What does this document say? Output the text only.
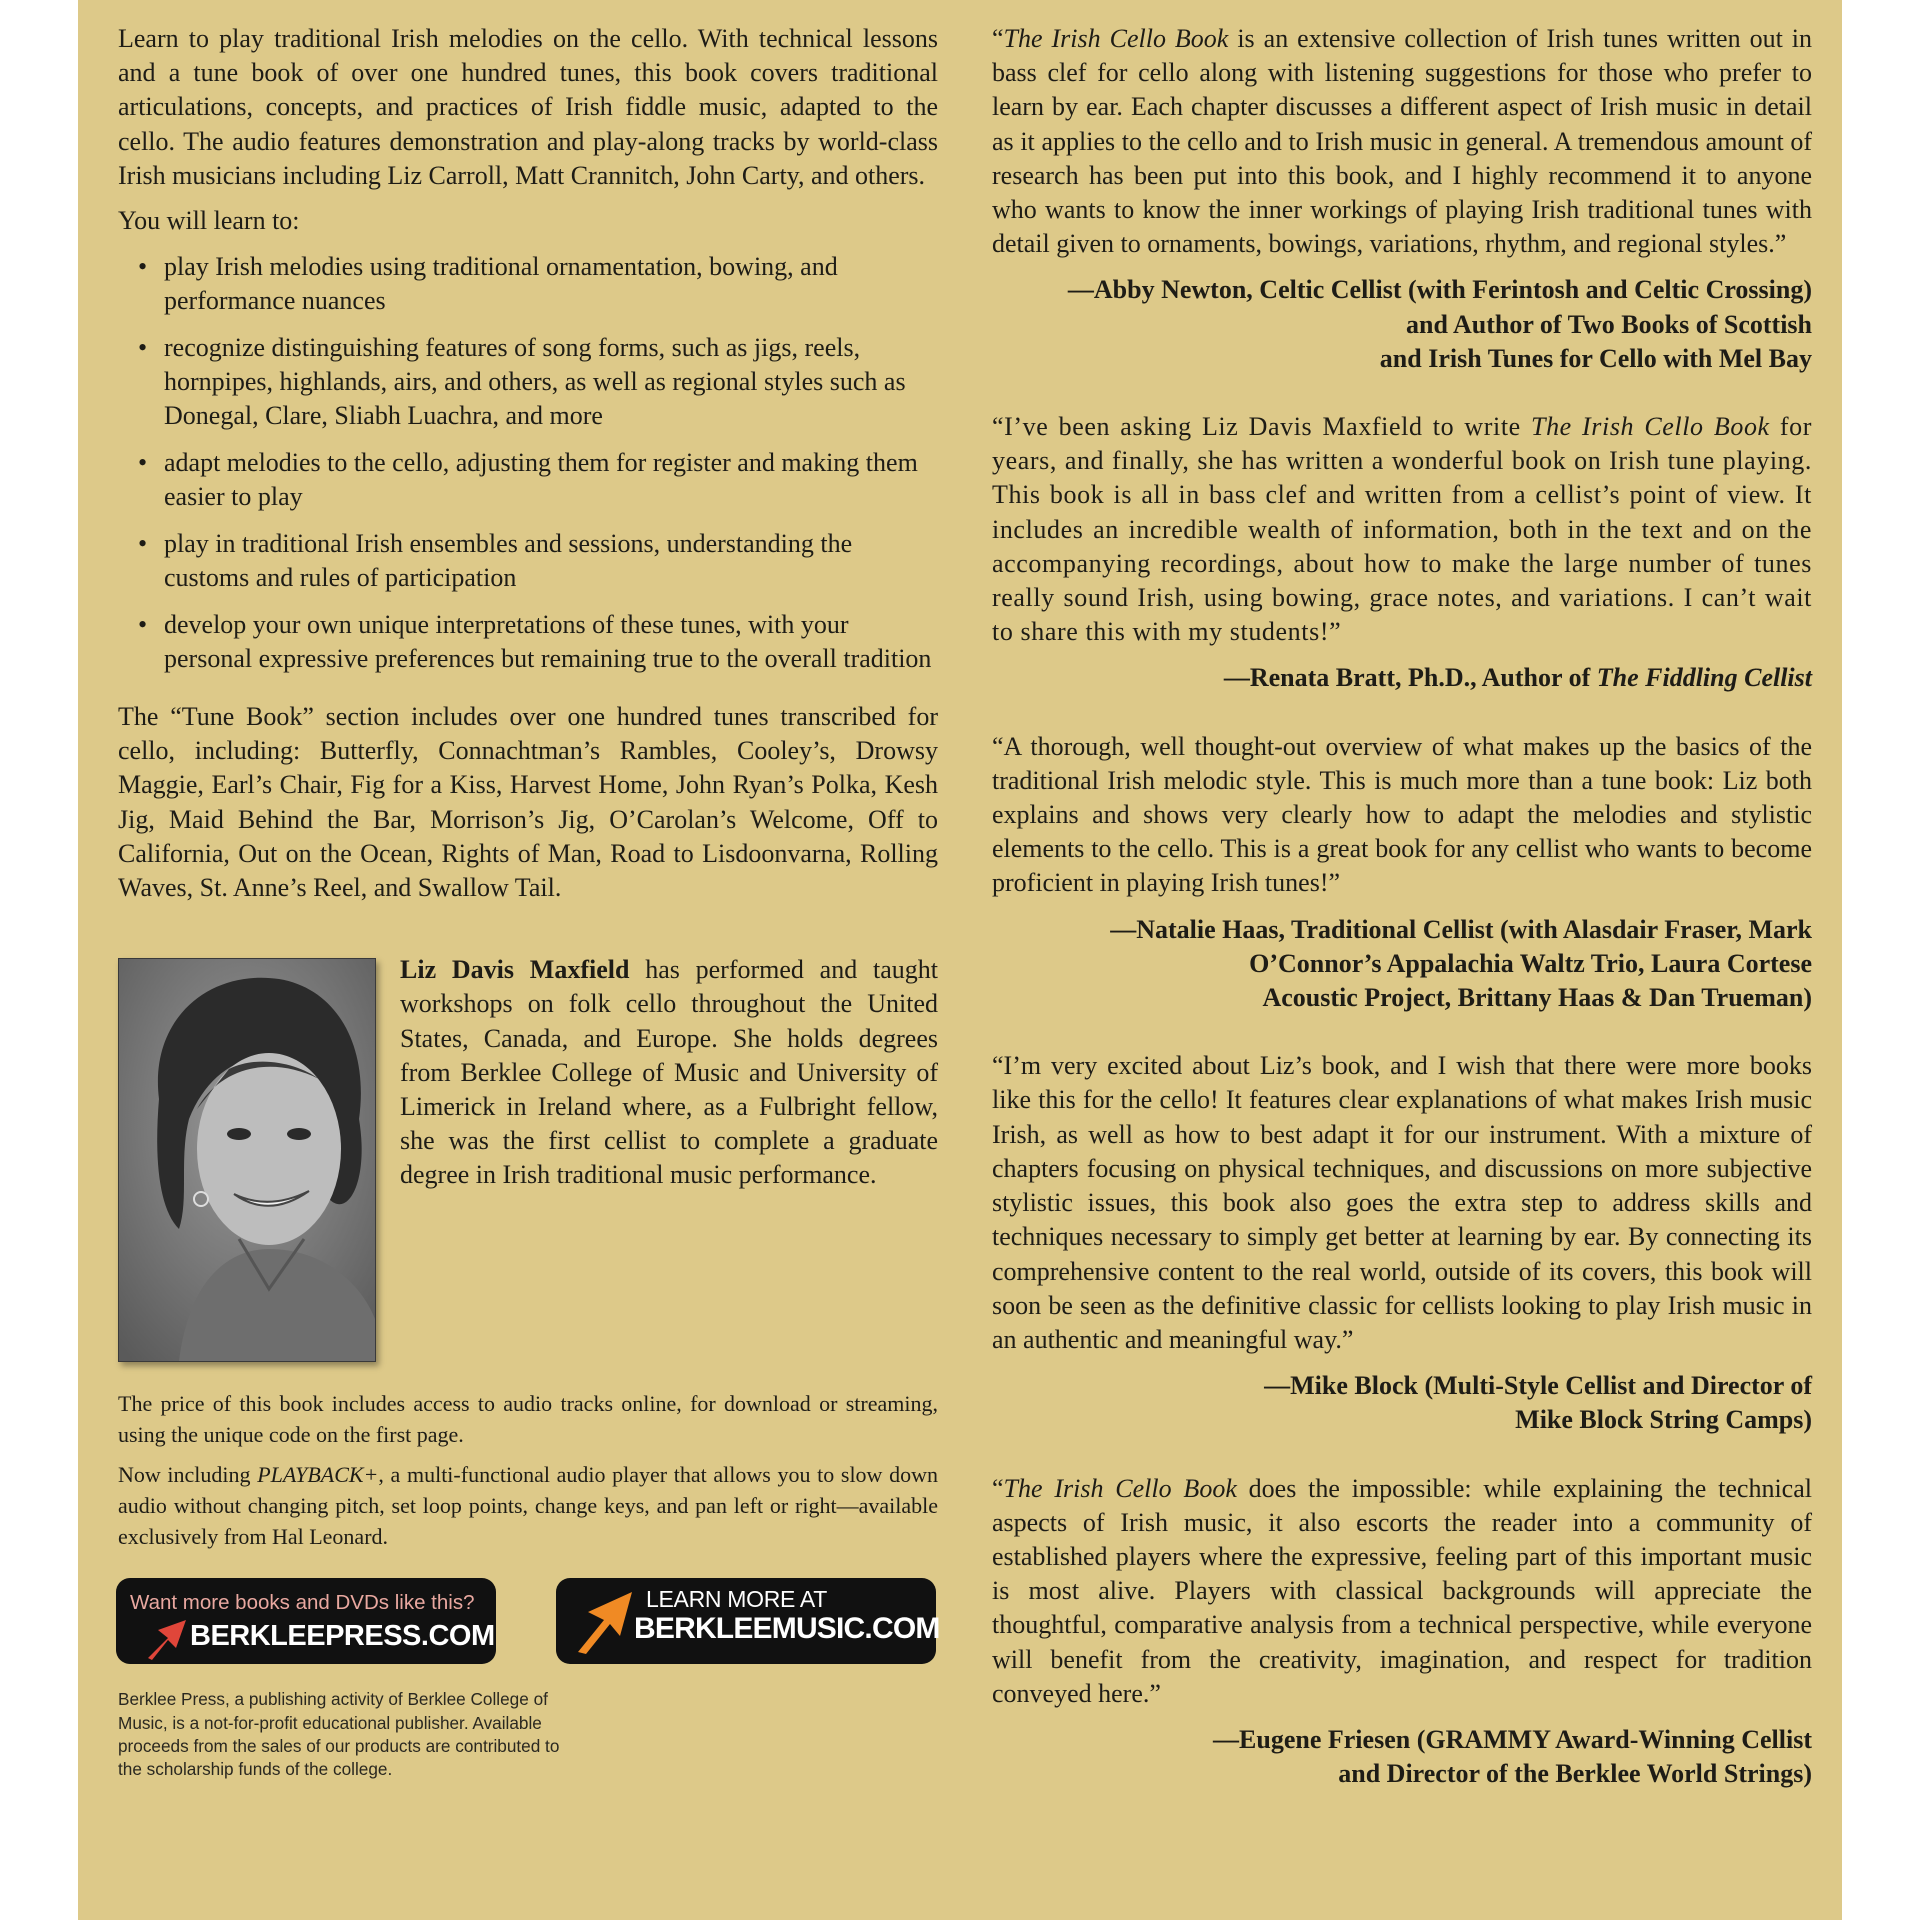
Learn to play traditional Irish melodies on the cello. With technical lessons and a tune book of over one hundred tunes, this book covers traditional articulations, concepts, and practices of Irish fiddle music, adapted to the cello. The audio features demonstration and play-along tracks by world-class Irish musicians including Liz Carroll, Matt Crannitch, John Carty, and others.

You will learn to:

• play Irish melodies using traditional ornamentation, bowing, and performance nuances
• recognize distinguishing features of song forms, such as jigs, reels, hornpipes, highlands, airs, and others, as well as regional styles such as Donegal, Clare, Sliabh Luachra, and more
• adapt melodies to the cello, adjusting them for register and making them easier to play
• play in traditional Irish ensembles and sessions, understanding the customs and rules of participation
• develop your own unique interpretations of these tunes, with your personal expressive preferences but remaining true to the overall tradition

The “Tune Book” section includes over one hundred tunes transcribed for cello, including: Butterfly, Connachtman’s Rambles, Cooley’s, Drowsy Maggie, Earl’s Chair, Fig for a Kiss, Harvest Home, John Ryan’s Polka, Kesh Jig, Maid Behind the Bar, Morrison’s Jig, O’Carolan’s Welcome, Off to California, Out on the Ocean, Rights of Man, Road to Lisdoonvarna, Rolling Waves, St. Anne’s Reel, and Swallow Tail.

Liz Davis Maxfield has performed and taught workshops on folk cello throughout the United States, Canada, and Europe. She holds degrees from Berklee College of Music and University of Limerick in Ireland where, as a Fulbright fellow, she was the first cellist to complete a graduate degree in Irish traditional music performance.

The price of this book includes access to audio tracks online, for download or streaming, using the unique code on the first page.

Now including PLAYBACK+, a multi-functional audio player that allows you to slow down audio without changing pitch, set loop points, change keys, and pan left or right—available exclusively from Hal Leonard.

Want more books and DVDs like this?
BERKLEEPRESS.COM
LEARN MORE AT
BERKLEEMUSIC.COM

Berklee Press, a publishing activity of Berklee College of Music, is a not-for-profit educational publisher. Available proceeds from the sales of our products are contributed to the scholarship funds of the college.

“The Irish Cello Book is an extensive collection of Irish tunes written out in bass clef for cello along with listening suggestions for those who prefer to learn by ear. Each chapter discusses a different aspect of Irish music in detail as it applies to the cello and to Irish music in general. A tremendous amount of research has been put into this book, and I highly recommend it to anyone who wants to know the inner workings of playing Irish traditional tunes with detail given to ornaments, bowings, variations, rhythm, and regional styles.”

—Abby Newton, Celtic Cellist (with Ferintosh and Celtic Crossing)
and Author of Two Books of Scottish
and Irish Tunes for Cello with Mel Bay

“I’ve been asking Liz Davis Maxfield to write The Irish Cello Book for years, and finally, she has written a wonderful book on Irish tune playing. This book is all in bass clef and written from a cellist’s point of view. It includes an incredible wealth of information, both in the text and on the accompanying recordings, about how to make the large number of tunes really sound Irish, using bowing, grace notes, and variations. I can’t wait to share this with my students!”

—Renata Bratt, Ph.D., Author of The Fiddling Cellist

“A thorough, well thought-out overview of what makes up the basics of the traditional Irish melodic style. This is much more than a tune book: Liz both explains and shows very clearly how to adapt the melodies and stylistic elements to the cello. This is a great book for any cellist who wants to become proficient in playing Irish tunes!”

—Natalie Haas, Traditional Cellist (with Alasdair Fraser, Mark
O’Connor’s Appalachia Waltz Trio, Laura Cortese
Acoustic Project, Brittany Haas & Dan Trueman)

“I’m very excited about Liz’s book, and I wish that there were more books like this for the cello! It features clear explanations of what makes Irish music Irish, as well as how to best adapt it for our instrument. With a mixture of chapters focusing on physical techniques, and discussions on more subjective stylistic issues, this book also goes the extra step to address skills and techniques necessary to simply get better at learning by ear. By connecting its comprehensive content to the real world, outside of its covers, this book will soon be seen as the definitive classic for cellists looking to play Irish music in an authentic and meaningful way.”

—Mike Block (Multi-Style Cellist and Director of
Mike Block String Camps)

“The Irish Cello Book does the impossible: while explaining the technical aspects of Irish music, it also escorts the reader into a community of established players where the expressive, feeling part of this important music is most alive. Players with classical backgrounds will appreciate the thoughtful, comparative analysis from a technical perspective, while everyone will benefit from the creativity, imagination, and respect for tradition conveyed here.”

—Eugene Friesen (GRAMMY Award-Winning Cellist
and Director of the Berklee World Strings)
